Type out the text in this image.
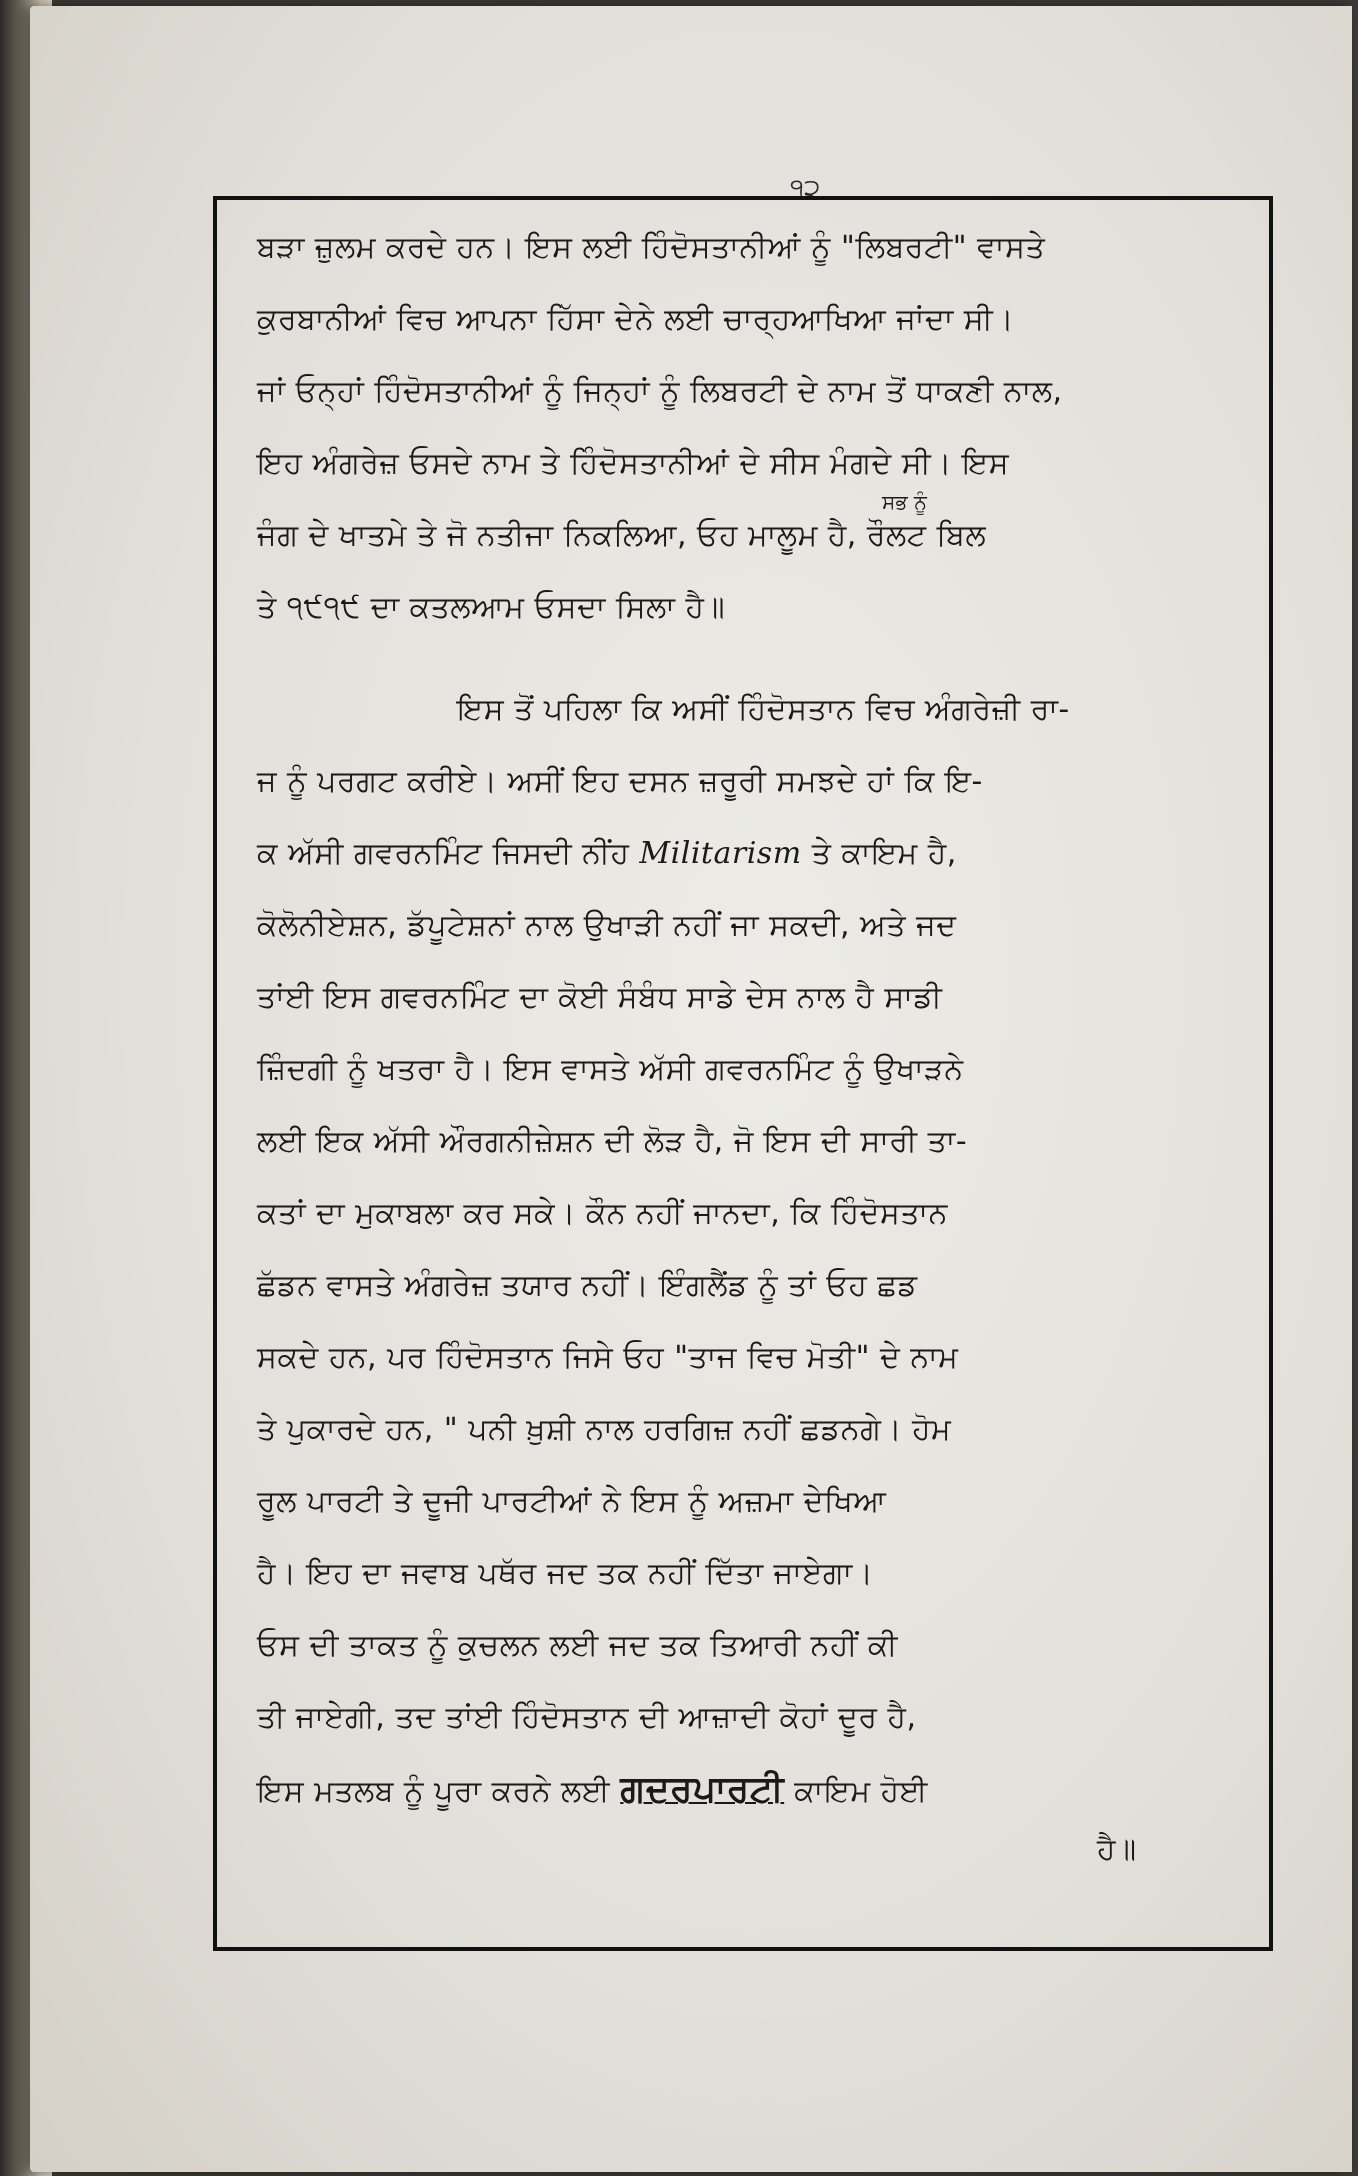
੧੨
ਬੜਾ ਜ਼ੁਲਮ ਕਰਦੇ ਹਨ। ਇਸ ਲਈ ਹਿੰਦੋਸਤਾਨੀਆਂ ਨੂੰ "ਲਿਬਰਟੀ" ਵਾਸਤੇ
ਕੁਰਬਾਨੀਆਂ ਵਿਚ ਆਪਨਾ ਹਿੱਸਾ ਦੇਨੇ ਲਈ ਚਾਰ੍ਹਆਖਿਆ ਜਾਂਦਾ ਸੀ।
ਜਾਂ ਓਨ੍ਹਾਂ ਹਿੰਦੋਸਤਾਨੀਆਂ ਨੂੰ ਜਿਨ੍ਹਾਂ ਨੂੰ ਲਿਬਰਟੀ ਦੇ ਨਾਮ ਤੋਂ ਧਾਕਣੀ ਨਾਲ,
ਇਹ ਅੰਗਰੇਜ਼ ਓਸਦੇ ਨਾਮ ਤੇ ਹਿੰਦੋਸਤਾਨੀਆਂ ਦੇ ਸੀਸ ਮੰਗਦੇ ਸੀ। ਇਸ
ਸਭ ਨੂੰ
ਜੰਗ ਦੇ ਖਾਤਮੇ ਤੇ ਜੋ ਨਤੀਜਾ ਨਿਕਲਿਆ, ਓਹ ਮਾਲੂਮ ਹੈ, ਰੌਲਟ ਬਿਲ
ਤੇ ੧੯੧੯ ਦਾ ਕਤਲਆਮ ਓਸਦਾ ਸਿਲਾ ਹੈ॥
ਇਸ ਤੋਂ ਪਹਿਲਾ ਕਿ ਅਸੀਂ ਹਿੰਦੋਸਤਾਨ ਵਿਚ ਅੰਗਰੇਜ਼ੀ ਰਾ-
ਜ ਨੂੰ ਪਰਗਟ ਕਰੀਏ। ਅਸੀਂ ਇਹ ਦਸਨ ਜ਼ਰੂਰੀ ਸਮਝਦੇ ਹਾਂ ਕਿ ਇ-
ਕ ਅੱਸੀ ਗਵਰਨਮਿੰਟ ਜਿਸਦੀ ਨੀਂਹ Militarism ਤੇ ਕਾਇਮ ਹੈ,
ਕੋਲੋਨੀਏਸ਼ਨ, ਡੱਪੂਟੇਸ਼ਨਾਂ ਨਾਲ ਉਖਾੜੀ ਨਹੀਂ ਜਾ ਸਕਦੀ, ਅਤੇ ਜਦ
ਤਾਂਈ ਇਸ ਗਵਰਨਮਿੰਟ ਦਾ ਕੋਈ ਸੰਬੰਧ ਸਾਡੇ ਦੇਸ ਨਾਲ ਹੈ ਸਾਡੀ
ਜ਼ਿੰਦਗੀ ਨੂੰ ਖਤਰਾ ਹੈ। ਇਸ ਵਾਸਤੇ ਅੱਸੀ ਗਵਰਨਮਿੰਟ ਨੂੰ ਉਖਾੜਨੇ
ਲਈ ਇਕ ਅੱਸੀ ਔਰਗਨੀਜ਼ੇਸ਼ਨ ਦੀ ਲੋੜ ਹੈ, ਜੋ ਇਸ ਦੀ ਸਾਰੀ ਤਾ-
ਕਤਾਂ ਦਾ ਮੁਕਾਬਲਾ ਕਰ ਸਕੇ। ਕੌਨ ਨਹੀਂ ਜਾਨਦਾ, ਕਿ ਹਿੰਦੋਸਤਾਨ
ਛੱਡਨ ਵਾਸਤੇ ਅੰਗਰੇਜ਼ ਤਯਾਰ ਨਹੀਂ। ਇੰਗਲੈਂਡ ਨੂੰ ਤਾਂ ਓਹ ਛਡ
ਸਕਦੇ ਹਨ, ਪਰ ਹਿੰਦੋਸਤਾਨ ਜਿਸੇ ਓਹ "ਤਾਜ ਵਿਚ ਮੋਤੀ" ਦੇ ਨਾਮ
ਤੇ ਪੁਕਾਰਦੇ ਹਨ, " ਪਨੀ ਖ਼ੁਸ਼ੀ ਨਾਲ ਹਰਗਿਜ਼ ਨਹੀਂ ਛਡਨਗੇ। ਹੋਮ
ਰੂਲ ਪਾਰਟੀ ਤੇ ਦੂਜੀ ਪਾਰਟੀਆਂ ਨੇ ਇਸ ਨੂੰ ਅਜ਼ਮਾ ਦੇਖਿਆ
ਹੈ। ਇਹ ਦਾ ਜਵਾਬ ਪਥੱਰ ਜਦ ਤਕ ਨਹੀਂ ਦਿੱਤਾ ਜਾਏਗਾ।
ਓਸ ਦੀ ਤਾਕਤ ਨੂੰ ਕੁਚਲਨ ਲਈ ਜਦ ਤਕ ਤਿਆਰੀ ਨਹੀਂ ਕੀ
ਤੀ ਜਾਏਗੀ, ਤਦ ਤਾਂਈ ਹਿੰਦੋਸਤਾਨ ਦੀ ਆਜ਼ਾਦੀ ਕੋਹਾਂ ਦੂਰ ਹੈ,
ਇਸ ਮਤਲਬ ਨੂੰ ਪੂਰਾ ਕਰਨੇ ਲਈ ਗਦਰਪਾਰਟੀ ਕਾਇਮ ਹੋਈ
ਹੈ॥
